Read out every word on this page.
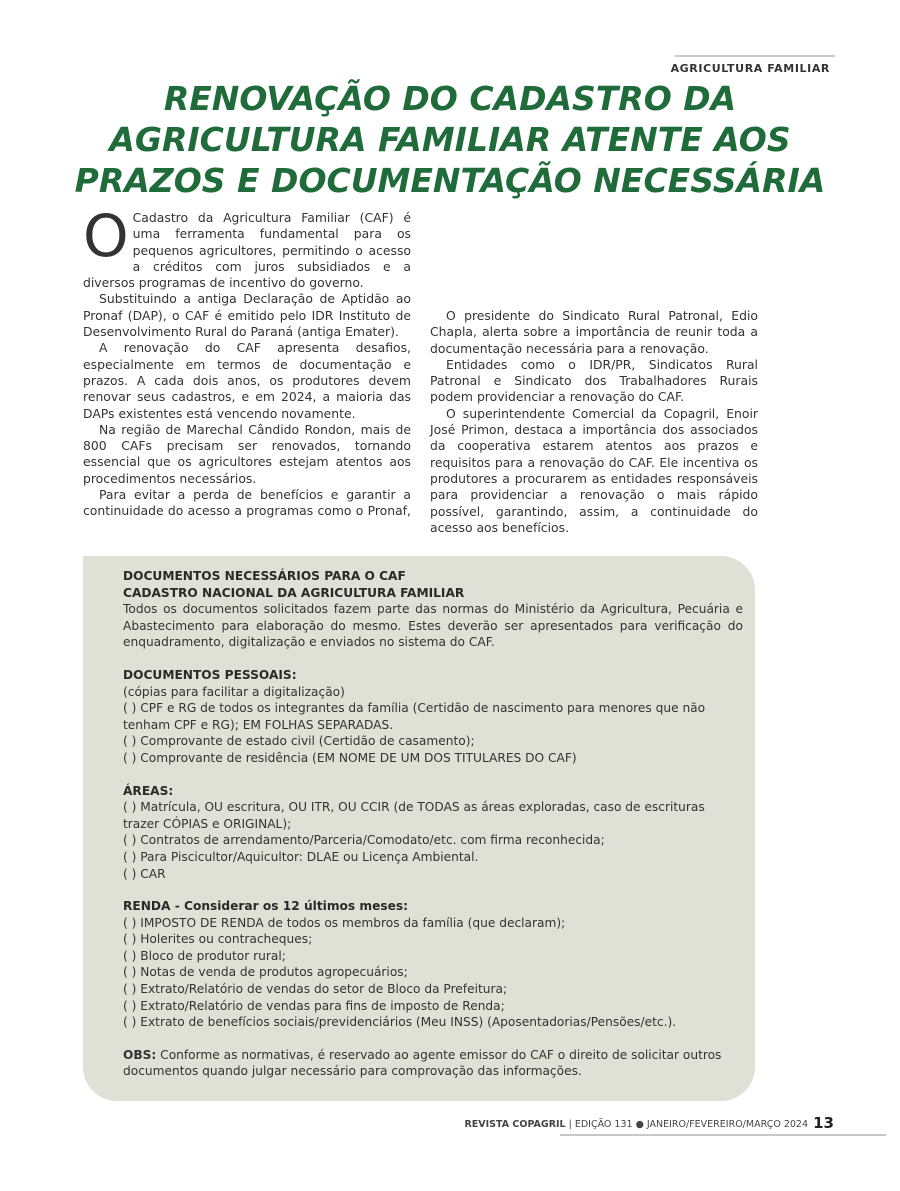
AGRICULTURA FAMILIAR
RENOVAÇÃO DO CADASTRO DA
AGRICULTURA FAMILIAR ATENTE AOS
PRAZOS E DOCUMENTAÇÃO NECESSÁRIA

O Cadastro da Agricultura Familiar (CAF) é uma ferramenta fundamental para os pequenos agricultores, permitindo o acesso a créditos com juros subsidiados e a diversos programas de incentivo do governo.

Substituindo a antiga Declaração de Aptidão ao Pronaf (DAP), o CAF é emitido pelo IDR Instituto de Desenvolvimento Rural do Paraná (antiga Emater).

A renovação do CAF apresenta desafios, especialmente em termos de documentação e prazos. A cada dois anos, os produtores devem renovar seus cadastros, e em 2024, a maioria das DAPs existentes está vencendo novamente.

Na região de Marechal Cândido Rondon, mais de 800 CAFs precisam ser renovados, tornando essencial que os agricultores estejam atentos aos procedimentos necessários.

Para evitar a perda de benefícios e garantir a continuidade do acesso a programas como o Pronaf,

O presidente do Sindicato Rural Patronal, Edio Chapla, alerta sobre a importância de reunir toda a documentação necessária para a renovação.

Entidades como o IDR/PR, Sindicatos Rural Patronal e Sindicato dos Trabalhadores Rurais podem providenciar a renovação do CAF.

O superintendente Comercial da Copagril, Enoir José Primon, destaca a importância dos associados da cooperativa estarem atentos aos prazos e requisitos para a renovação do CAF. Ele incentiva os produtores a procurarem as entidades responsáveis para providenciar a renovação o mais rápido possível, garantindo, assim, a continuidade do acesso aos benefícios.

DOCUMENTOS NECESSÁRIOS PARA O CAF

CADASTRO NACIONAL DA AGRICULTURA FAMILIAR

Todos os documentos solicitados fazem parte das normas do Ministério da Agricultura, Pecuária e Abastecimento para elaboração do mesmo. Estes deverão ser apresentados para verificação do enquadramento, digitalização e enviados no sistema do CAF.

DOCUMENTOS PESSOAIS:

(cópias para facilitar a digitalização)

( ) CPF e RG de todos os integrantes da família (Certidão de nascimento para menores que não tenham CPF e RG); EM FOLHAS SEPARADAS.

( ) Comprovante de estado civil (Certidão de casamento);

( ) Comprovante de residência (EM NOME DE UM DOS TITULARES DO CAF)

ÁREAS:

( ) Matrícula, OU escritura, OU ITR, OU CCIR (de TODAS as áreas exploradas, caso de escrituras trazer CÓPIAS e ORIGINAL);

( ) Contratos de arrendamento/Parceria/Comodato/etc. com firma reconhecida;

( ) Para Piscicultor/Aquicultor: DLAE ou Licença Ambiental.

( ) CAR

RENDA - Considerar os 12 últimos meses:

( ) IMPOSTO DE RENDA de todos os membros da família (que declaram);

( ) Holerites ou contracheques;

( ) Bloco de produtor rural;

( ) Notas de venda de produtos agropecuários;

( ) Extrato/Relatório de vendas do setor de Bloco da Prefeitura;

( ) Extrato/Relatório de vendas para fins de imposto de Renda;

( ) Extrato de benefícios sociais/previdenciários (Meu INSS) (Aposentadorias/Pensões/etc.).

OBS: Conforme as normativas, é reservado ao agente emissor do CAF o direito de solicitar outros documentos quando julgar necessário para comprovação das informações.

REVISTA COPAGRIL | EDIÇÃO 131 ● JANEIRO/FEVEREIRO/MARÇO 2024 13
